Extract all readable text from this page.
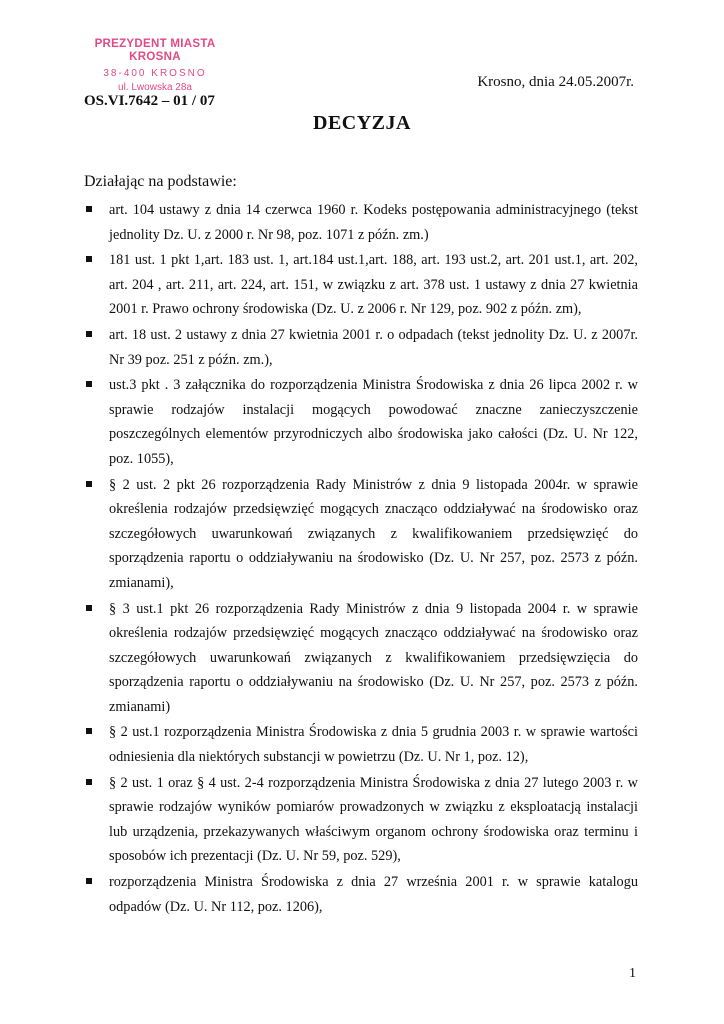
PREZYDENT MIASTA KROSNA
38-400 KROSNO
ul. Lwowska 28a	Krosno, dnia 24.05.2007r.
OS.VI.7642 – 01 / 07
DECYZJA
Działając na podstawie:
art. 104 ustawy z dnia 14 czerwca 1960 r. Kodeks postępowania administracyjnego (tekst jednolity Dz. U. z 2000 r. Nr 98, poz. 1071 z późn. zm.)
181 ust. 1 pkt 1,art. 183 ust. 1, art.184 ust.1,art. 188, art. 193 ust.2, art. 201 ust.1, art. 202, art. 204 , art. 211, art. 224, art. 151, w związku z art. 378 ust. 1 ustawy z dnia 27 kwietnia 2001 r. Prawo ochrony środowiska (Dz. U. z 2006 r. Nr 129, poz. 902 z późn. zm),
art. 18 ust. 2 ustawy z dnia 27 kwietnia 2001 r. o odpadach (tekst jednolity Dz. U. z 2007r. Nr 39 poz. 251 z późn. zm.),
ust.3 pkt . 3 załącznika do rozporządzenia Ministra Środowiska z dnia 26 lipca 2002 r. w sprawie rodzajów instalacji mogących powodować znaczne zanieczyszczenie poszczególnych elementów przyrodniczych albo środowiska jako całości (Dz. U. Nr 122, poz. 1055),
§ 2 ust. 2 pkt 26 rozporządzenia Rady Ministrów z dnia 9 listopada 2004r. w sprawie określenia rodzajów przedsięwzięć mogących znacząco oddziaływać na środowisko oraz szczegółowych uwarunkowań związanych z kwalifikowaniem przedsięwzięć do sporządzenia raportu o oddziaływaniu na środowisko (Dz. U. Nr 257, poz. 2573 z późn. zmianami),
§ 3 ust.1 pkt 26 rozporządzenia Rady Ministrów z dnia 9 listopada 2004 r. w sprawie określenia rodzajów przedsięwzięć mogących znacząco oddziaływać na środowisko oraz szczegółowych uwarunkowań związanych z kwalifikowaniem przedsięwzięcia do sporządzenia raportu o oddziaływaniu na środowisko (Dz. U. Nr 257, poz. 2573 z późn. zmianami)
§ 2 ust.1 rozporządzenia Ministra Środowiska z dnia 5 grudnia 2003 r. w sprawie wartości odniesienia dla niektórych substancji w powietrzu (Dz. U. Nr 1, poz. 12),
§ 2 ust. 1 oraz § 4 ust. 2-4 rozporządzenia Ministra Środowiska z dnia 27 lutego 2003 r. w sprawie rodzajów wyników pomiarów prowadzonych w związku z eksploatacją instalacji lub urządzenia, przekazywanych właściwym organom ochrony środowiska oraz terminu i sposobów ich prezentacji (Dz. U. Nr 59, poz. 529),
rozporządzenia Ministra Środowiska z dnia 27 września 2001 r. w sprawie katalogu odpadów (Dz. U. Nr 112, poz. 1206),
1
